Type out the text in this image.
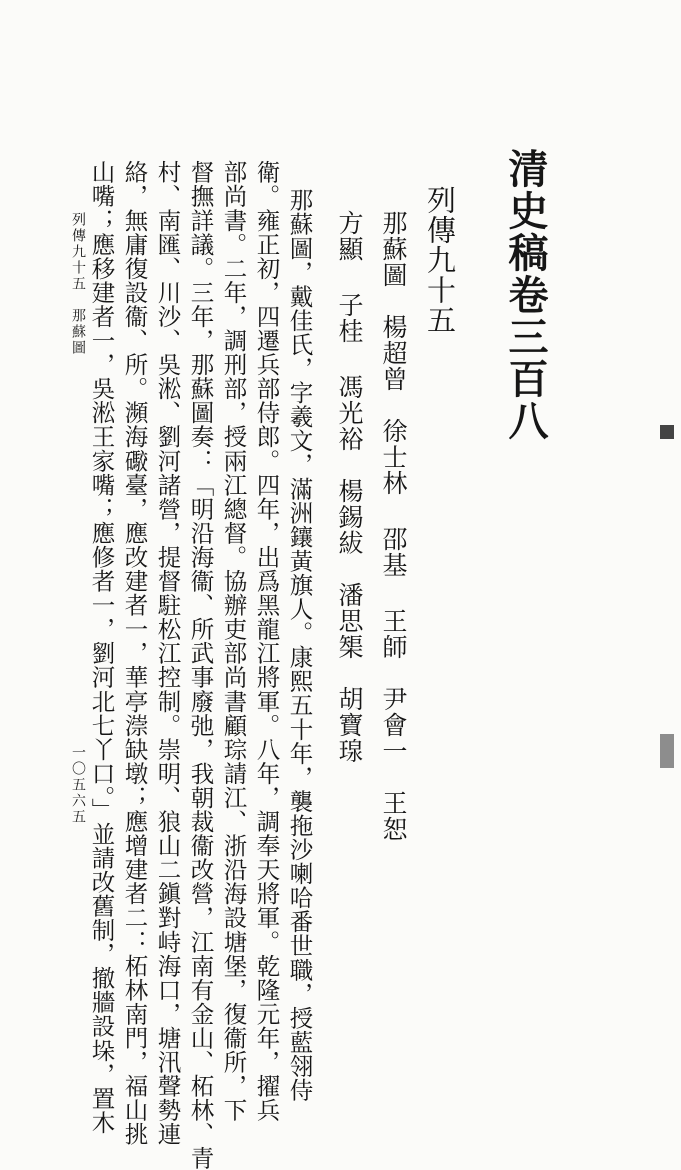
清史稿卷三百八
列傳九十五
那蘇圖　楊超曾　徐士林 邵基 王師　尹會一　王恕
方顯 子桂 馮光裕　楊錫紱　潘思榘　胡寶瑔
那蘇圖，戴佳氏，字羲文，滿洲鑲黃旗人。康熙五十年，襲拖沙喇哈番世職，授藍翎侍
衛。雍正初，四遷兵部侍郎。四年，出爲黑龍江將軍。八年，調奉天將軍。乾隆元年，擢兵
部尚書。二年，調刑部，授兩江總督。協辦吏部尚書顧琮請江、浙沿海設塘堡，復衞所，下
督撫詳議。三年，那蘇圖奏：「明沿海衞、所武事廢弛，我朝裁衞改營，江南有金山、柘林、青
村、南匯、川沙、吳淞、劉河諸營，提督駐松江控制。崇明、狼山二鎭對峙海口，塘汛聲勢連
絡，無庸復設衞、所。瀕海礮臺，應改建者一，華亭漴缺墩；應增建者二：柘林南門，福山挑
山嘴；應移建者一，吳淞王家嘴；應修者一，劉河北七丫口。」並請改舊制，撤牆設垛，置木
列傳九十五　那蘇圖
一〇五六五
